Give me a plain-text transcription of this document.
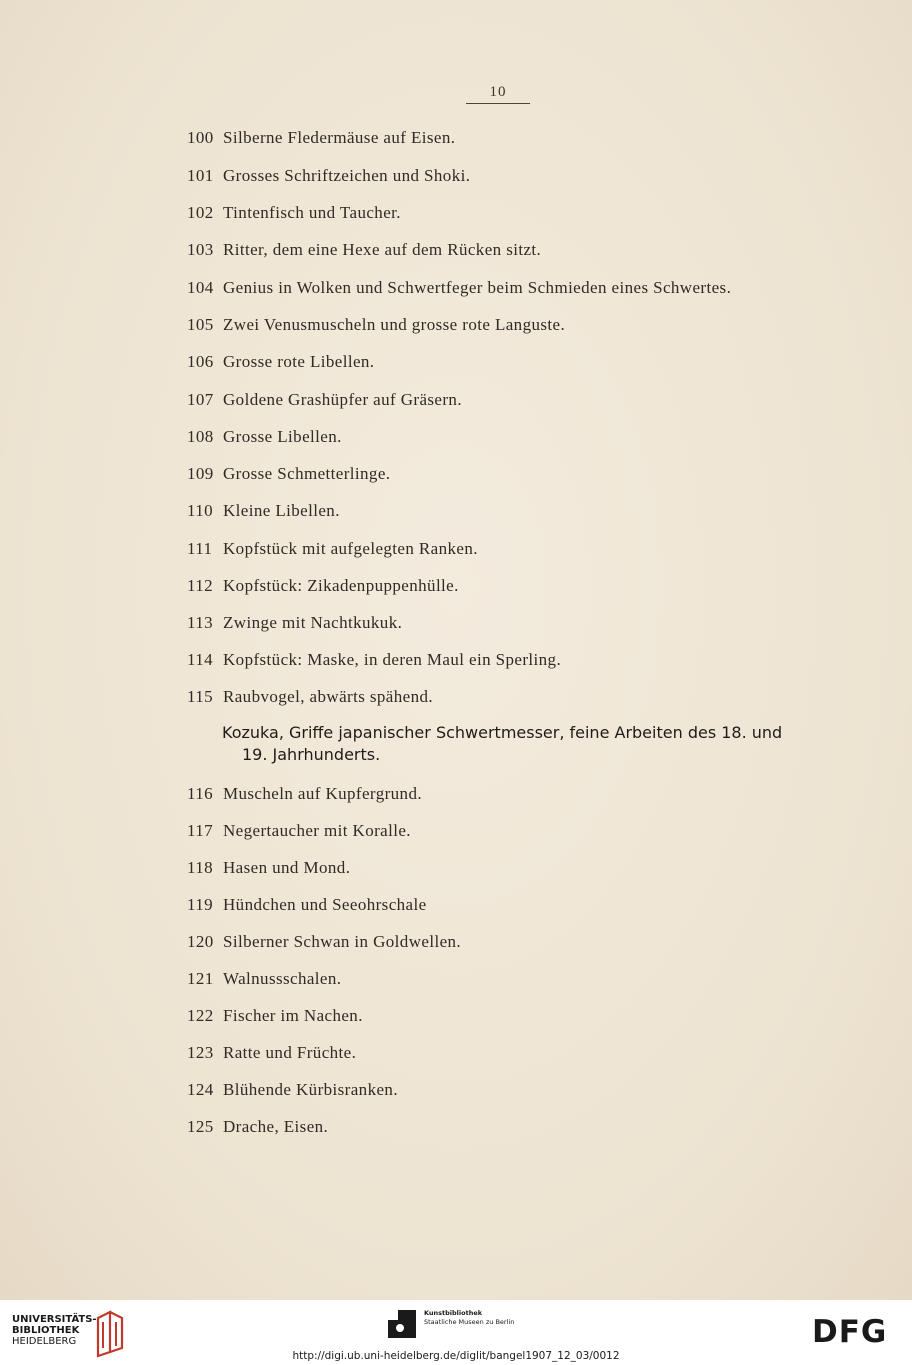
10
100 Silberne Fledermäuse auf Eisen.
101 Grosses Schriftzeichen und Shoki.
102 Tintenfisch und Taucher.
103 Ritter, dem eine Hexe auf dem Rücken sitzt.
104 Genius in Wolken und Schwertfeger beim Schmieden eines Schwertes.
105 Zwei Venusmuscheln und grosse rote Languste.
106 Grosse rote Libellen.
107 Goldene Grashüpfer auf Gräsern.
108 Grosse Libellen.
109 Grosse Schmetterlinge.
110 Kleine Libellen.
111 Kopfstück mit aufgelegten Ranken.
112 Kopfstück: Zikadenpuppenhülle.
113 Zwinge mit Nachtkukuk.
114 Kopfstück: Maske, in deren Maul ein Sperling.
115 Raubvogel, abwärts spähend.
Kozuka, Griffe japanischer Schwertmesser, feine Arbeiten des 18. und
19. Jahrhunderts.
116 Muscheln auf Kupfergrund.
117 Negertaucher mit Koralle.
118 Hasen und Mond.
119 Hündchen und Seeohrschale
120 Silberner Schwan in Goldwellen.
121 Walnussschalen.
122 Fischer im Nachen.
123 Ratte und Früchte.
124 Blühende Kürbisranken.
125 Drache, Eisen.
UNIVERSITÄTS-
BIBLIOTHEK
HEIDELBERG
Kunstbibliothek
Staatliche Museen zu Berlin	DFG
http://digi.ub.uni-heidelberg.de/diglit/bangel1907_12_03/0012
